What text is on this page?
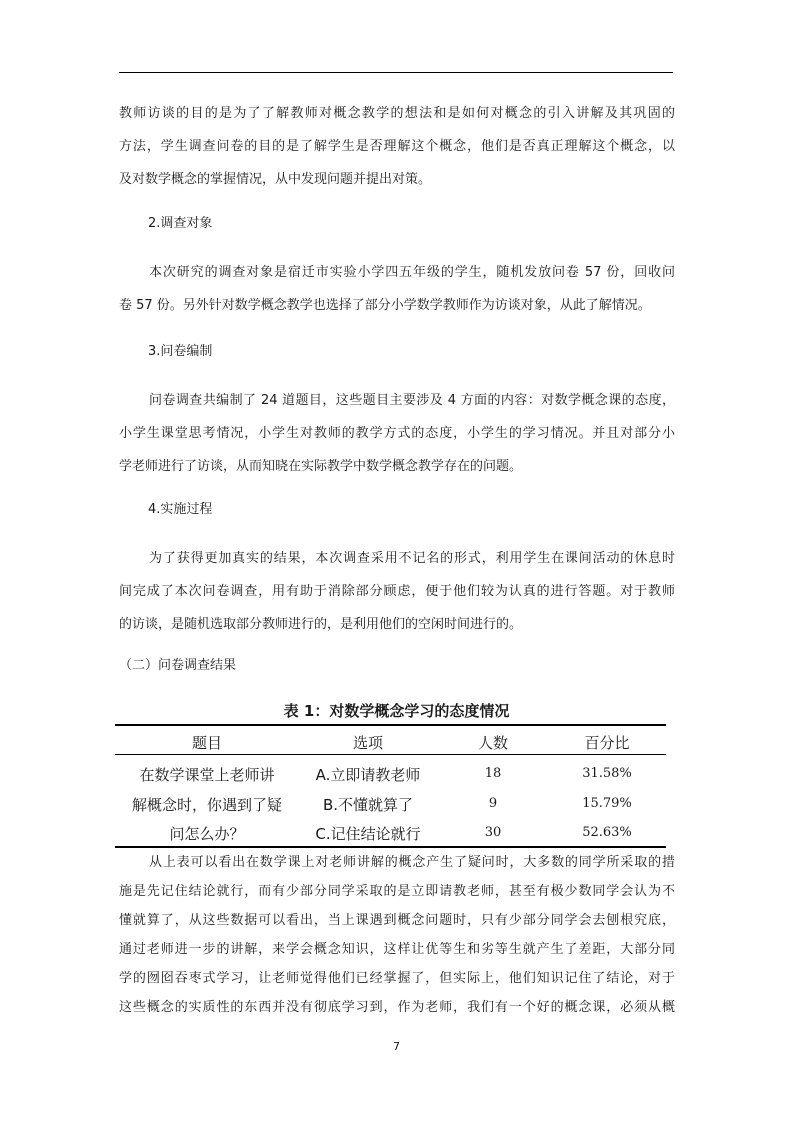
教师访谈的目的是为了了解教师对概念教学的想法和是如何对概念的引入讲解及其巩固的
方法，学生调查问卷的目的是了解学生是否理解这个概念，他们是否真正理解这个概念，以
及对数学概念的掌握情况，从中发现问题并提出对策。
2.调查对象
本次研究的调查对象是宿迁市实验小学四五年级的学生，随机发放问卷 57 份，回收问
卷 57 份。另外针对数学概念教学也选择了部分小学数学教师作为访谈对象，从此了解情况。
3.问卷编制
问卷调查共编制了 24 道题目，这些题目主要涉及 4 方面的内容：对数学概念课的态度，
小学生课堂思考情况，小学生对教师的教学方式的态度，小学生的学习情况。并且对部分小
学老师进行了访谈，从而知晓在实际教学中数学概念教学存在的问题。
4.实施过程
为了获得更加真实的结果，本次调查采用不记名的形式，利用学生在课间活动的休息时
间完成了本次问卷调查，用有助于消除部分顾虑，便于他们较为认真的进行答题。对于教师
的访谈，是随机选取部分教师进行的，是利用他们的空闲时间进行的。
（二）问卷调查结果
表 1：对数学概念学习的态度情况
题目	选项	人数	百分比
在数学课堂上老师讲
解概念时，你遇到了疑
问怎么办？
A.立即请教老师	18	31.58%
B.不懂就算了	9	15.79%
C.记住结论就行	30	52.63%
从上表可以看出在数学课上对老师讲解的概念产生了疑问时，大多数的同学所采取的措
施是先记住结论就行，而有少部分同学采取的是立即请教老师，甚至有极少数同学会认为不
懂就算了，从这些数据可以看出，当上课遇到概念问题时，只有少部分同学会去刨根究底，
通过老师进一步的讲解，来学会概念知识，这样让优等生和劣等生就产生了差距，大部分同
学的囫囵吞枣式学习，让老师觉得他们已经掌握了，但实际上，他们知识记住了结论，对于
这些概念的实质性的东西并没有彻底学习到，作为老师，我们有一个好的概念课，必须从概
7
